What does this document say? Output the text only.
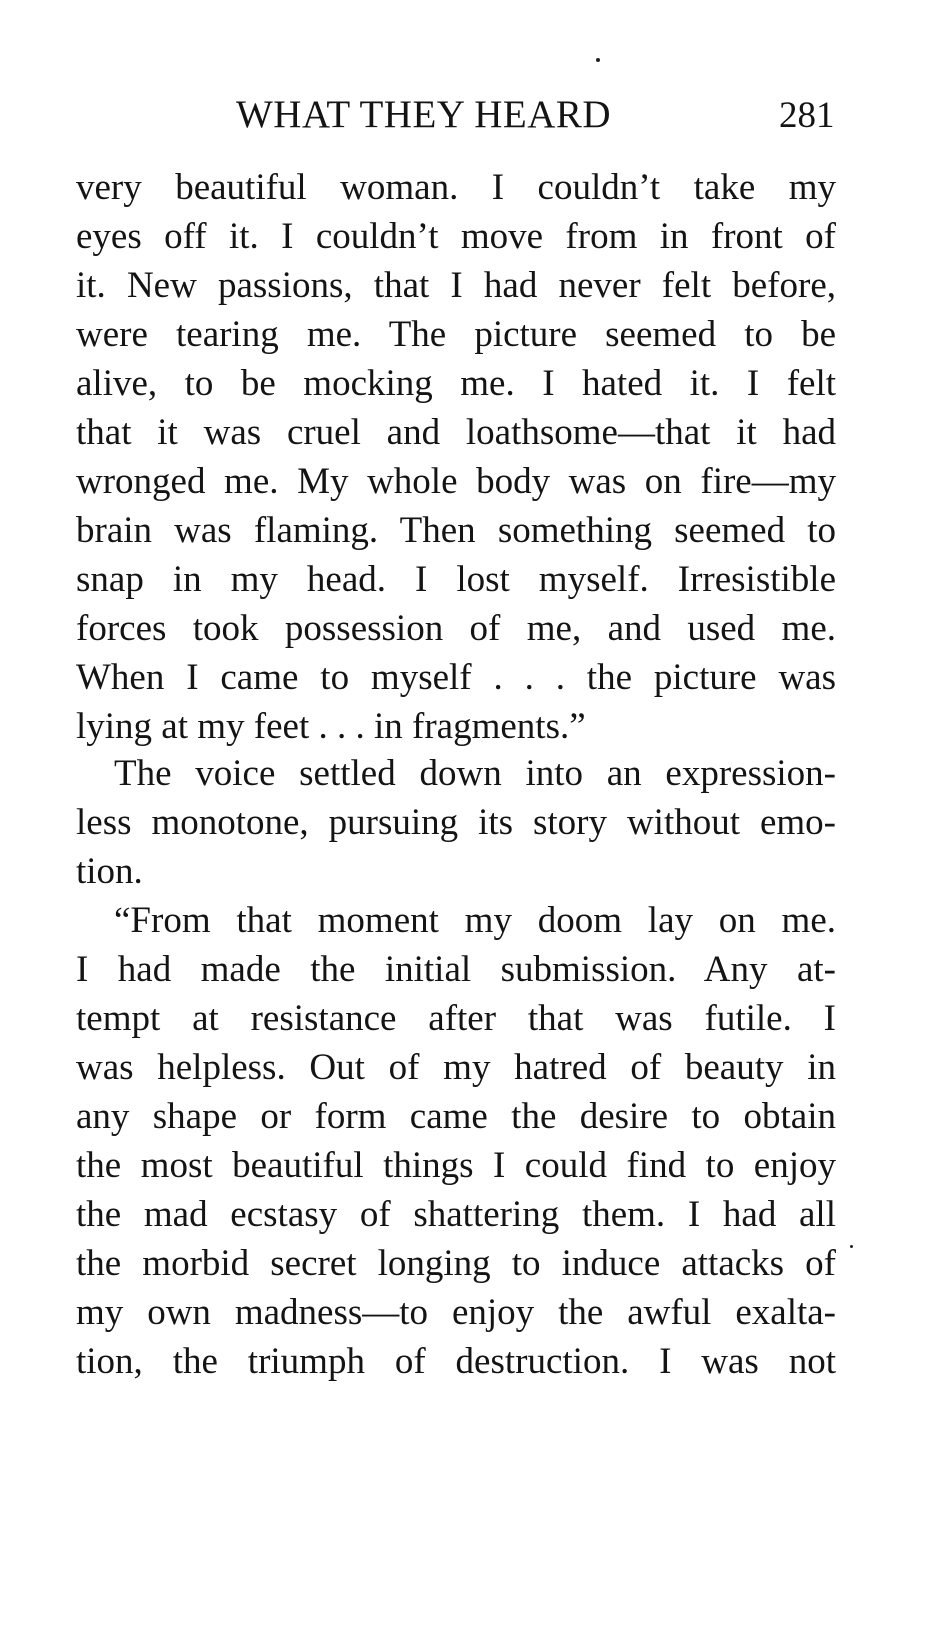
WHAT THEY HEARD	281
very beautiful woman. I couldn’t take my
eyes off it. I couldn’t move from in front of
it. New passions, that I had never felt before,
were tearing me. The picture seemed to be
alive, to be mocking me. I hated it. I felt
that it was cruel and loathsome—that it had
wronged me. My whole body was on fire—my
brain was flaming. Then something seemed to
snap in my head. I lost myself. Irresistible
forces took possession of me, and used me.
When I came to myself . . . the picture was
lying at my feet . . . in fragments.”
The voice settled down into an expression-
less monotone, pursuing its story without emo-
tion.
“From that moment my doom lay on me.
I had made the initial submission. Any at-
tempt at resistance after that was futile. I
was helpless. Out of my hatred of beauty in
any shape or form came the desire to obtain
the most beautiful things I could find to enjoy
the mad ecstasy of shattering them. I had all
the morbid secret longing to induce attacks of
my own madness—to enjoy the awful exalta-
tion, the triumph of destruction. I was not
